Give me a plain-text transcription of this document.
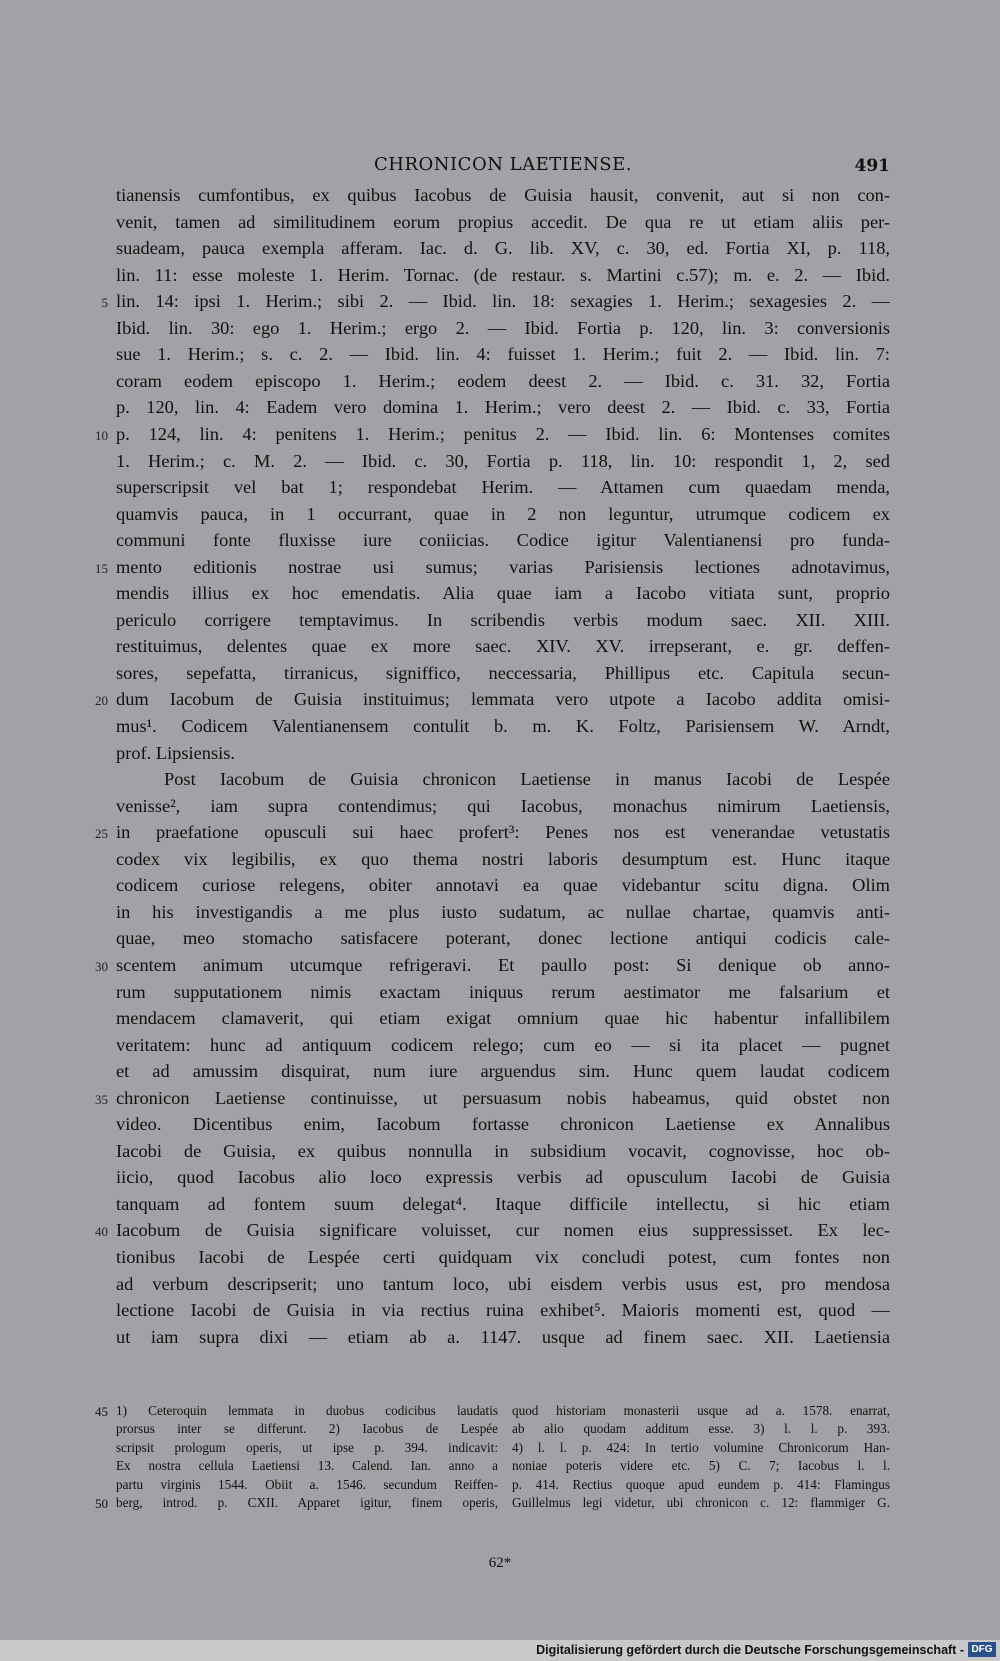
CHRONICON LAETIENSE.	491
tianensis cumfontibus, ex quibus Iacobus de Guisia hausit, convenit, aut si non con-
venit, tamen ad similitudinem eorum propius accedit. De qua re ut etiam aliis per-
suadeam, pauca exempla afferam. Iac. d. G. lib. XV, c. 30, ed. Fortia XI, p. 118,
lin. 11: esse moleste 1. Herim. Tornac. (de restaur. s. Martini c.57); m. e. 2. — Ibid.
lin. 14: ipsi 1. Herim.; sibi 2. — Ibid. lin. 18: sexagies 1. Herim.; sexagesies 2. —
Ibid. lin. 30: ego 1. Herim.; ergo 2. — Ibid. Fortia p. 120, lin. 3: conversionis
sue 1. Herim.; s. c. 2. — Ibid. lin. 4: fuisset 1. Herim.; fuit 2. — Ibid. lin. 7:
coram eodem episcopo 1. Herim.; eodem deest 2. — Ibid. c. 31. 32, Fortia
p. 120, lin. 4: Eadem vero domina 1. Herim.; vero deest 2. — Ibid. c. 33, Fortia
p. 124, lin. 4: penitens 1. Herim.; penitus 2. — Ibid. lin. 6: Montenses comites
1. Herim.; c. M. 2. — Ibid. c. 30, Fortia p. 118, lin. 10: respondit 1, 2, sed
superscripsit vel bat 1; respondebat Herim. — Attamen cum quaedam menda,
quamvis pauca, in 1 occurrant, quae in 2 non leguntur, utrumque codicem ex
communi fonte fluxisse iure coniicias. Codice igitur Valentianensi pro funda-
mento editionis nostrae usi sumus; varias Parisiensis lectiones adnotavimus,
mendis illius ex hoc emendatis. Alia quae iam a Iacobo vitiata sunt, proprio
periculo corrigere temptavimus. In scribendis verbis modum saec. XII. XIII.
restituimus, delentes quae ex more saec. XIV. XV. irrepserant, e. gr. deffen-
sores, sepefatta, tirranicus, signiffico, neccessaria, Phillipus etc. Capitula secun-
dum Iacobum de Guisia instituimus; lemmata vero utpote a Iacobo addita omisi-
mus¹. Codicem Valentianensem contulit b. m. K. Foltz, Parisiensem W. Arndt,
prof. Lipsiensis.
Post Iacobum de Guisia chronicon Laetiense in manus Iacobi de Lespée
venisse², iam supra contendimus; qui Iacobus, monachus nimirum Laetiensis,
in praefatione opusculi sui haec profert³: Penes nos est venerandae vetustatis
codex vix legibilis, ex quo thema nostri laboris desumptum est. Hunc itaque
codicem curiose relegens, obiter annotavi ea quae videbantur scitu digna. Olim
in his investigandis a me plus iusto sudatum, ac nullae chartae, quamvis anti-
quae, meo stomacho satisfacere poterant, donec lectione antiqui codicis cale-
scentem animum utcumque refrigeravi. Et paullo post: Si denique ob anno-
rum supputationem nimis exactam iniquus rerum aestimator me falsarium et
mendacem clamaverit, qui etiam exigat omnium quae hic habentur infallibilem
veritatem: hunc ad antiquum codicem relego; cum eo — si ita placet — pugnet
et ad amussim disquirat, num iure arguendus sim. Hunc quem laudat codicem
chronicon Laetiense continuisse, ut persuasum nobis habeamus, quid obstet non
video. Dicentibus enim, Iacobum fortasse chronicon Laetiense ex Annalibus
Iacobi de Guisia, ex quibus nonnulla in subsidium vocavit, cognovisse, hoc ob-
iicio, quod Iacobus alio loco expressis verbis ad opusculum Iacobi de Guisia
tanquam ad fontem suum delegat⁴. Itaque difficile intellectu, si hic etiam
Iacobum de Guisia significare voluisset, cur nomen eius suppressisset. Ex lec-
tionibus Iacobi de Lespée certi quidquam vix concludi potest, cum fontes non
ad verbum descripserit; uno tantum loco, ubi eisdem verbis usus est, pro mendosa
lectione Iacobi de Guisia in via rectius ruina exhibet⁵. Maioris momenti est, quod —
ut iam supra dixi — etiam ab a. 1147. usque ad finem saec. XII. Laetiensia
5
10
15
20
25
30
35
40
1) Ceteroquin lemmata in duobus codicibus laudatis
prorsus inter se differunt. 2) Iacobus de Lespée
scripsit prologum operis, ut ipse p. 394. indicavit:
Ex nostra cellula Laetiensi 13. Calend. Ian. anno a
partu virginis 1544. Obiit a. 1546. secundum Reiffen-
berg, introd. p. CXII. Apparet igitur, finem operis,
quod historiam monasterii usque ad a. 1578. enarrat,
ab alio quodam additum esse. 3) l. l. p. 393.
4) l. l. p. 424: In tertio volumine Chronicorum Han-
noniae poteris videre etc. 5) C. 7; Iacobus l. l.
p. 414. Rectius quoque apud eundem p. 414: Flamingus
Guillelmus legi videtur, ubi chronicon c. 12: flammiger G.
45
50
62*
Digitalisierung gefördert durch die Deutsche Forschungsgemeinschaft - DFG
